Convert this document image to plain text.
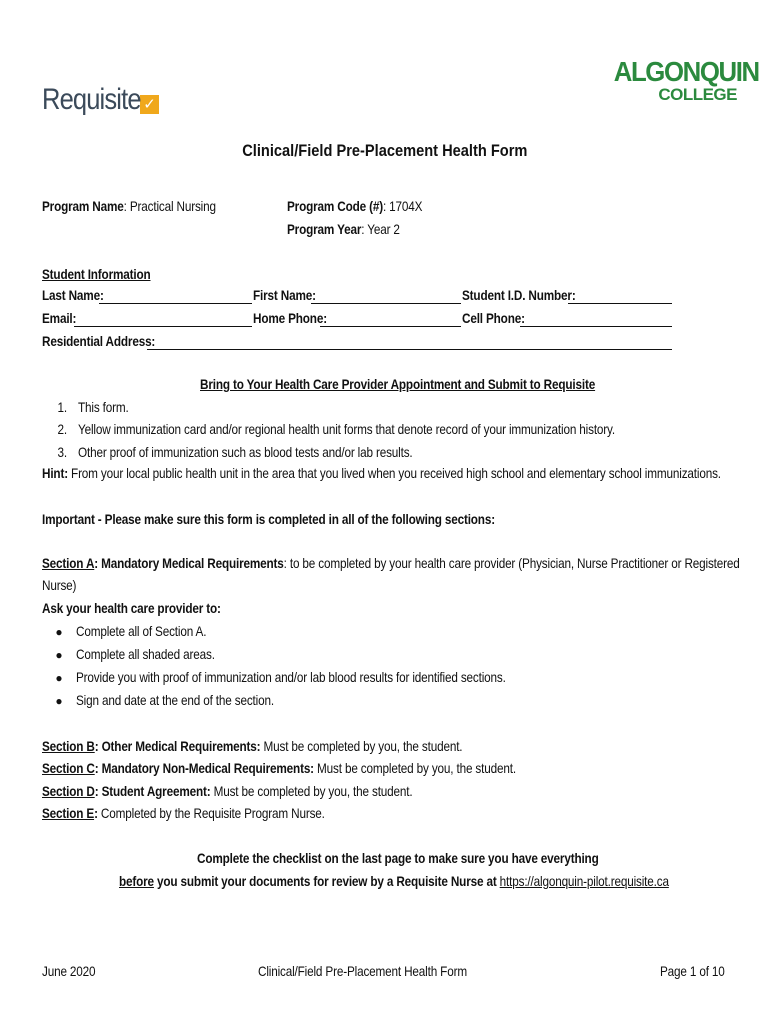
Requisite ✓
ALGONQUIN
COLLEGE
Clinical/Field Pre-Placement Health Form
Program Name: Practical Nursing	Program Code (#): 1704X
Program Year: Year 2
Student Information
Last Name:	First Name:	Student I.D. Number:
Email:	Home Phone:	Cell Phone:
Residential Address:
Bring to Your Health Care Provider Appointment and Submit to Requisite
1. This form.
2. Yellow immunization card and/or regional health unit forms that denote record of your immunization history.
3. Other proof of immunization such as blood tests and/or lab results.
Hint: From your local public health unit in the area that you lived when you received high school and elementary school immunizations.
Important - Please make sure this form is completed in all of the following sections:
Section A: Mandatory Medical Requirements: to be completed by your health care provider (Physician, Nurse Practitioner or Registered
Nurse)
Ask your health care provider to:
● Complete all of Section A.
● Complete all shaded areas.
● Provide you with proof of immunization and/or lab blood results for identified sections.
● Sign and date at the end of the section.
Section B: Other Medical Requirements: Must be completed by you, the student.
Section C: Mandatory Non-Medical Requirements: Must be completed by you, the student.
Section D: Student Agreement: Must be completed by you, the student.
Section E: Completed by the Requisite Program Nurse.
Complete the checklist on the last page to make sure you have everything
before you submit your documents for review by a Requisite Nurse at https://algonquin-pilot.requisite.ca
June 2020	Clinical/Field Pre-Placement Health Form	Page 1 of 10
